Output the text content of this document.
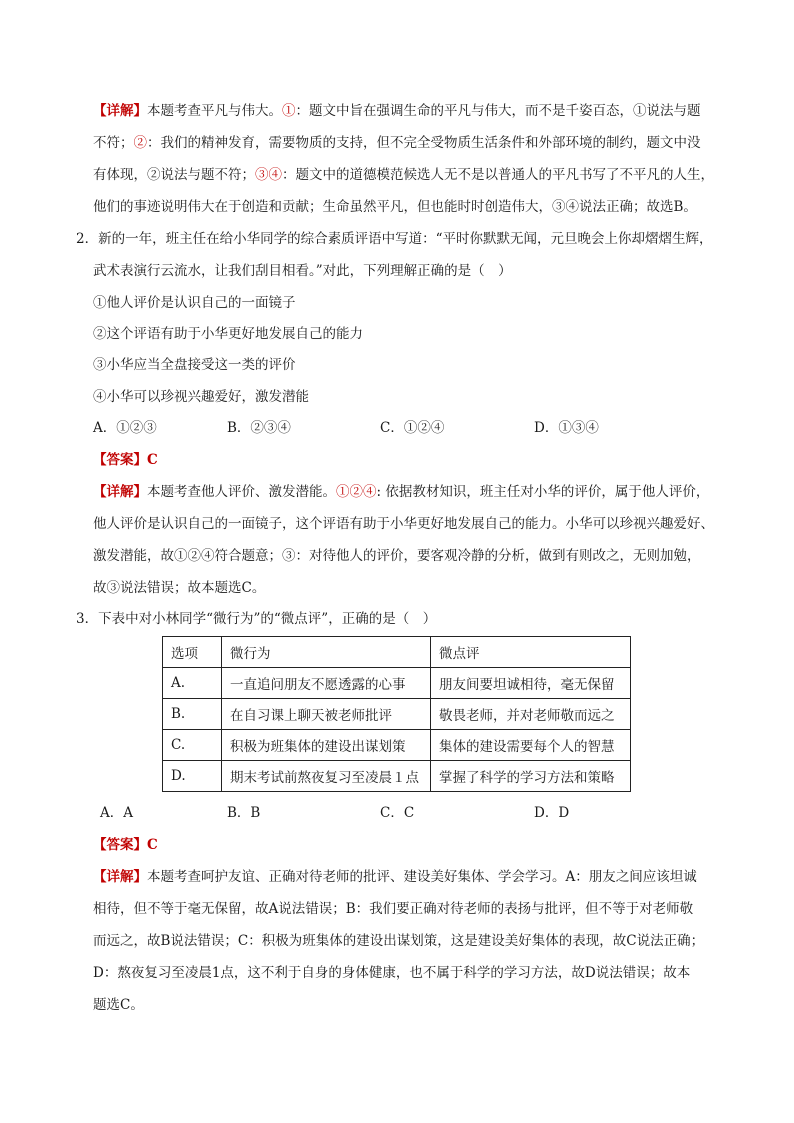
【详解】本题考查平凡与伟大。①：题文中旨在强调生命的平凡与伟大，而不是千姿百态，①说法与题
不符；②：我们的精神发育，需要物质的支持，但不完全受物质生活条件和外部环境的制约，题文中没
有体现，②说法与题不符；③④：题文中的道德模范候选人无不是以普通人的平凡书写了不平凡的人生，
他们的事迹说明伟大在于创造和贡献；生命虽然平凡，但也能时时创造伟大，③④说法正确；故选B。
2．新的一年，班主任在给小华同学的综合素质评语中写道：“平时你默默无闻，元旦晚会上你却熠熠生辉，
武术表演行云流水，让我们刮目相看。”对此，下列理解正确的是（　）
①他人评价是认识自己的一面镜子
②这个评语有助于小华更好地发展自己的能力
③小华应当全盘接受这一类的评价
④小华可以珍视兴趣爱好，激发潜能
A．①②③	B．②③④	C．①②④	D．①③④
【答案】C
【详解】本题考查他人评价、激发潜能。①②④: 依据教材知识，班主任对小华的评价，属于他人评价，
他人评价是认识自己的一面镜子，这个评语有助于小华更好地发展自己的能力。小华可以珍视兴趣爱好、
激发潜能，故①②④符合题意；③：对待他人的评价，要客观冷静的分析，做到有则改之，无则加勉，
故③说法错误；故本题选C。
3．下表中对小林同学“微行为”的“微点评”，正确的是（　）
选项	微行为	微点评
A.	一直追问朋友不愿透露的心事	朋友间要坦诚相待，毫无保留
B.	在自习课上聊天被老师批评	敬畏老师，并对老师敬而远之
C.	积极为班集体的建设出谋划策	集体的建设需要每个人的智慧
D.	期末考试前熬夜复习至凌晨１点	掌握了科学的学习方法和策略
A．A	B．B	C．C	D．D
【答案】C
【详解】本题考查呵护友谊、正确对待老师的批评、建设美好集体、学会学习。A：朋友之间应该坦诚
相待，但不等于毫无保留，故A说法错误；B：我们要正确对待老师的表扬与批评，但不等于对老师敬
而远之，故B说法错误；C：积极为班集体的建设出谋划策，这是建设美好集体的表现，故C说法正确；
D：熬夜复习至凌晨1点，这不利于自身的身体健康，也不属于科学的学习方法，故D说法错误；故本
题选C。
